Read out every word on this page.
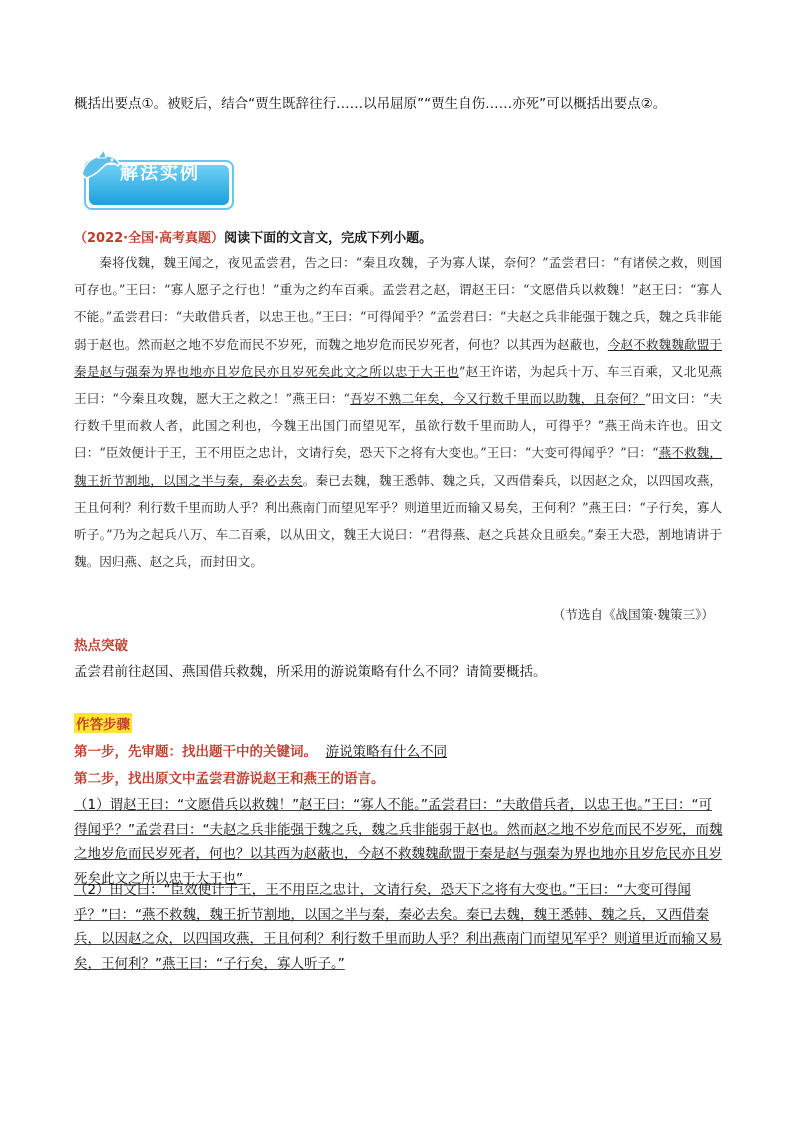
概括出要点①。被贬后，结合“贾生既辞往行……以吊屈原”“贾生自伤……亦死”可以概括出要点②。
解法实例
（2022·全国·高考真题）阅读下面的文言文，完成下列小题。

秦将伐魏，魏王闻之，夜见孟尝君，告之曰：“秦且攻魏，子为寡人谋，奈何？”孟尝君曰：“有诸侯之救，则国可存也。”王曰：“寡人愿子之行也！”重为之约车百乘。孟尝君之赵，谓赵王曰：“文愿借兵以救魏！”赵王曰：“寡人不能。”孟尝君曰：“夫敢借兵者，以忠王也。”王曰：“可得闻乎？”孟尝君曰：“夫赵之兵非能强于魏之兵，魏之兵非能弱于赵也。然而赵之地不岁危而民不岁死，而魏之地岁危而民岁死者，何也？以其西为赵蔽也，今赵不救魏魏歃盟于秦是赵与强秦为界也地亦且岁危民亦且岁死矣此文之所以忠于大王也”赵王许诺，为起兵十万、车三百乘，又北见燕王曰：“今秦且攻魏，愿大王之救之！”燕王曰：“吾岁不熟二年矣，今又行数千里而以助魏，且奈何？”田文曰：“夫行数千里而救人者，此国之利也，今魏王出国门而望见军，虽欲行数千里而助人，可得乎？”燕王尚未许也。田文曰：“臣效便计于王，王不用臣之忠计，文请行矣，恐天下之将有大变也。”王曰：“大变可得闻乎？”曰：“燕不救魏，魏王折节割地，以国之半与秦，秦必去矣。秦已去魏，魏王悉韩、魏之兵，又西借秦兵，以因赵之众，以四国攻燕，王且何利？利行数千里而助人乎？利出燕南门而望见军乎？则道里近而输又易矣，王何利？”燕王曰：“子行矣，寡人听子。”乃为之起兵八万、车二百乘，以从田文，魏王大说曰：“君得燕、赵之兵甚众且亟矣。”秦王大恐，割地请讲于魏。因归燕、赵之兵，而封田文。

（节选自《战国策·魏策三》）
热点突破
孟尝君前往赵国、燕国借兵救魏，所采用的游说策略有什么不同？请简要概括。
作答步骤
第一步，先审题：找出题干中的关键词。 游说策略有什么不同
第二步，找出原文中孟尝君游说赵王和燕王的语言。
（1）谓赵王曰：“文愿借兵以救魏！”赵王曰：“寡人不能。”孟尝君曰：“夫敢借兵者，以忠王也。”王曰：“可得闻乎？”孟尝君曰：“夫赵之兵非能强于魏之兵，魏之兵非能弱于赵也。然而赵之地不岁危而民不岁死，而魏之地岁危而民岁死者，何也？以其西为赵蔽也，今赵不救魏魏歃盟于秦是赵与强秦为界也地亦且岁危民亦且岁死矣此文之所以忠于大王也”
（2）田文曰：“臣效便计于王，王不用臣之忠计，文请行矣，恐天下之将有大变也。”王曰：“大变可得闻乎？”曰：“燕不救魏，魏王折节割地，以国之半与秦，秦必去矣。秦已去魏，魏王悉韩、魏之兵，又西借秦兵，以因赵之众，以四国攻燕，王且何利？利行数千里而助人乎？利出燕南门而望见军乎？则道里近而输又易矣，王何利？”燕王曰：“子行矣，寡人听子。”
